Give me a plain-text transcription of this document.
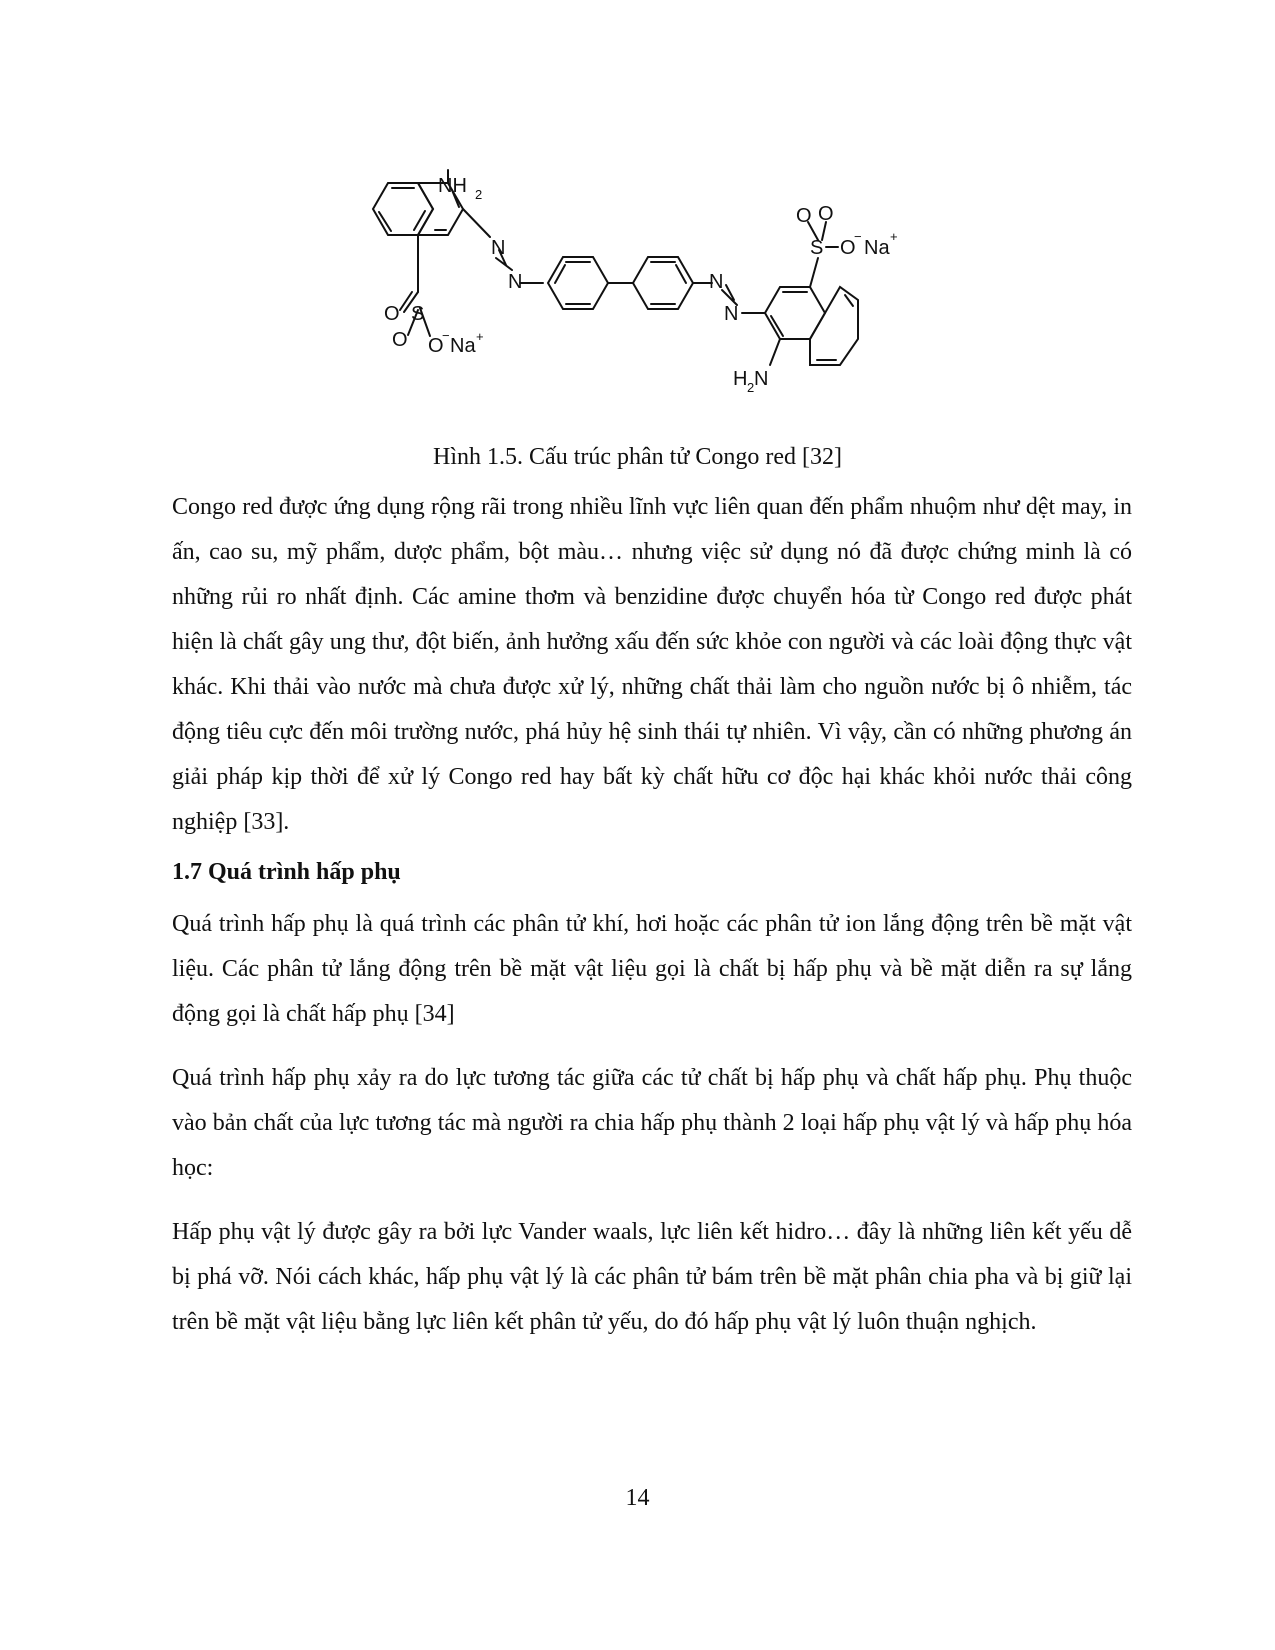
NH 2
N
N	N
N
S
O
O O
− Na +
S
O O
O
−
Na
+
H 2 N
Hình 1.5. Cấu trúc phân tử Congo red [32]

Congo red được ứng dụng rộng rãi trong nhiều lĩnh vực liên quan đến phẩm nhuộm như dệt may, in ấn, cao su, mỹ phẩm, dược phẩm, bột màu… nhưng việc sử dụng nó đã được chứng minh là có những rủi ro nhất định. Các amine thơm và benzidine được chuyển hóa từ Congo red được phát hiện là chất gây ung thư, đột biến, ảnh hưởng xấu đến sức khỏe con người và các loài động thực vật khác. Khi thải vào nước mà chưa được xử lý, những chất thải làm cho nguồn nước bị ô nhiễm, tác động tiêu cực đến môi trường nước, phá hủy hệ sinh thái tự nhiên. Vì vậy, cần có những phương án giải pháp kịp thời để xử lý Congo red hay bất kỳ chất hữu cơ độc hại khác khỏi nước thải công nghiệp [33].

1.7 Quá trình hấp phụ

Quá trình hấp phụ là quá trình các phân tử khí, hơi hoặc các phân tử ion lắng động trên bề mặt vật liệu. Các phân tử lắng động trên bề mặt vật liệu gọi là chất bị hấp phụ và bề mặt diễn ra sự lắng động gọi là chất hấp phụ [34]

Quá trình hấp phụ xảy ra do lực tương tác giữa các tử chất bị hấp phụ và chất hấp phụ. Phụ thuộc vào bản chất của lực tương tác mà người ra chia hấp phụ thành 2 loại hấp phụ vật lý và hấp phụ hóa học:

Hấp phụ vật lý được gây ra bởi lực Vander waals, lực liên kết hidro… đây là những liên kết yếu dễ bị phá vỡ. Nói cách khác, hấp phụ vật lý là các phân tử bám trên bề mặt phân chia pha và bị giữ lại trên bề mặt vật liệu bằng lực liên kết phân tử yếu, do đó hấp phụ vật lý luôn thuận nghịch.

14
